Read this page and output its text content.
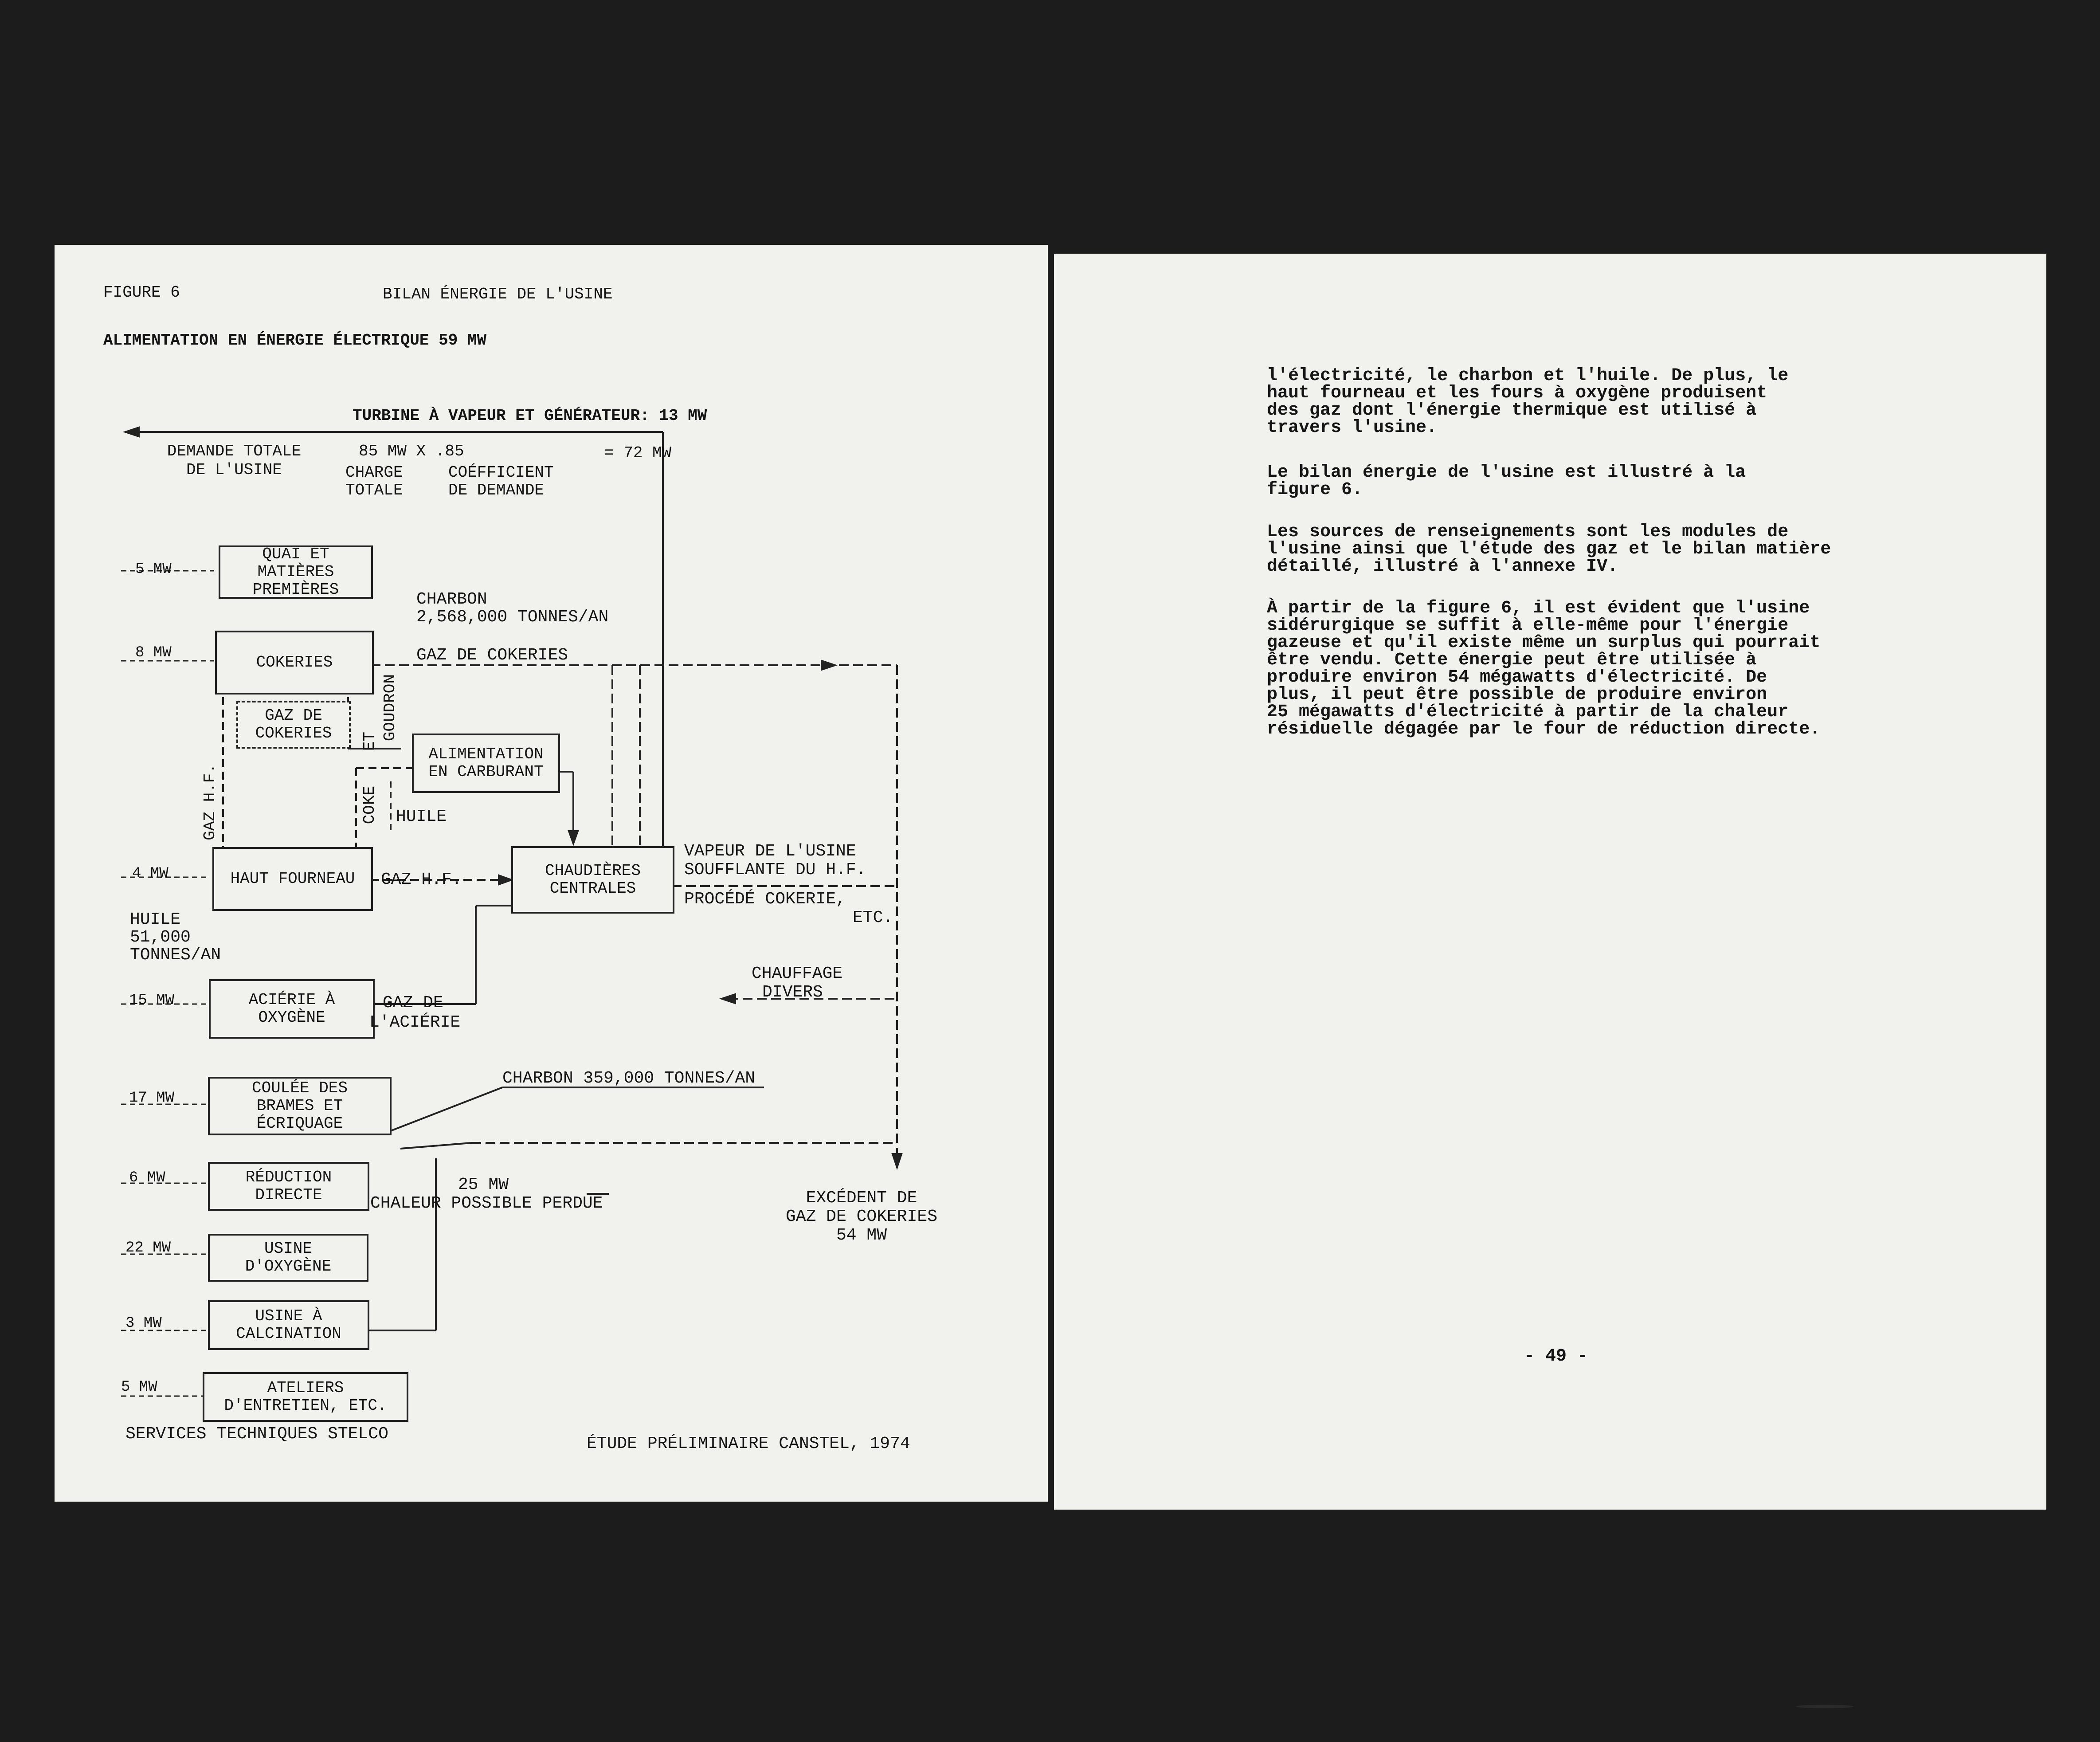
FIGURE 6	BILAN ÉNERGIE DE L'USINE
ALIMENTATION EN ÉNERGIE ÉLECTRIQUE 59 MW
TURBINE À VAPEUR ET GÉNÉRATEUR: 13 MW
DEMANDE TOTALE
DE L'USINE
85 MW X .85	= 72 MW
CHARGE
TOTALE
COÉFFICIENT
DE DEMANDE
5 MW
8 MW
4 MW
15 MW
17 MW
6 MW
22 MW
3 MW
5 MW
QUAI ET
MATIÈRES
PREMIÈRES
COKERIES
GAZ DE
COKERIES
ALIMENTATION
EN CARBURANT
HAUT FOURNEAU	CHAUDIÈRES
CENTRALES
ACIÉRIE À
OXYGÈNE
COULÉE DES
BRAMES ET
ÉCRIQUAGE
RÉDUCTION
DIRECTE
USINE
D'OXYGÈNE
USINE À
CALCINATION
ATELIERS
D'ENTRETIEN, ETC.
CHARBON
2,568,000 TONNES/AN
GAZ DE COKERIES
GAZ H.F.	COKE
ET
GOUDRON
HUILE
GAZ H.F.
VAPEUR DE L'USINE
SOUFFLANTE DU H.F.
PROCÉDÉ COKERIE,
ETC.
HUILE
51,000
TONNES/AN
GAZ DE
L'ACIÉRIE
CHAUFFAGE
DIVERS
CHARBON 359,000 TONNES/AN
25 MW
CHALEUR POSSIBLE PERDUE	EXCÉDENT DE
GAZ DE COKERIES
54 MW
SERVICES TECHNIQUES STELCO
ÉTUDE PRÉLIMINAIRE CANSTEL, 1974
l'électricité, le charbon et l'huile. De plus, le
haut fourneau et les fours à oxygène produisent
des gaz dont l'énergie thermique est utilisé à
travers l'usine.
Le bilan énergie de l'usine est illustré à la
figure 6.
Les sources de renseignements sont les modules de
l'usine ainsi que l'étude des gaz et le bilan matière
détaillé, illustré à l'annexe IV.
À partir de la figure 6, il est évident que l'usine
sidérurgique se suffit à elle-même pour l'énergie
gazeuse et qu'il existe même un surplus qui pourrait
être vendu. Cette énergie peut être utilisée à
produire environ 54 mégawatts d'électricité. De
plus, il peut être possible de produire environ
25 mégawatts d'électricité à partir de la chaleur
résiduelle dégagée par le four de réduction directe.
- 49 -
